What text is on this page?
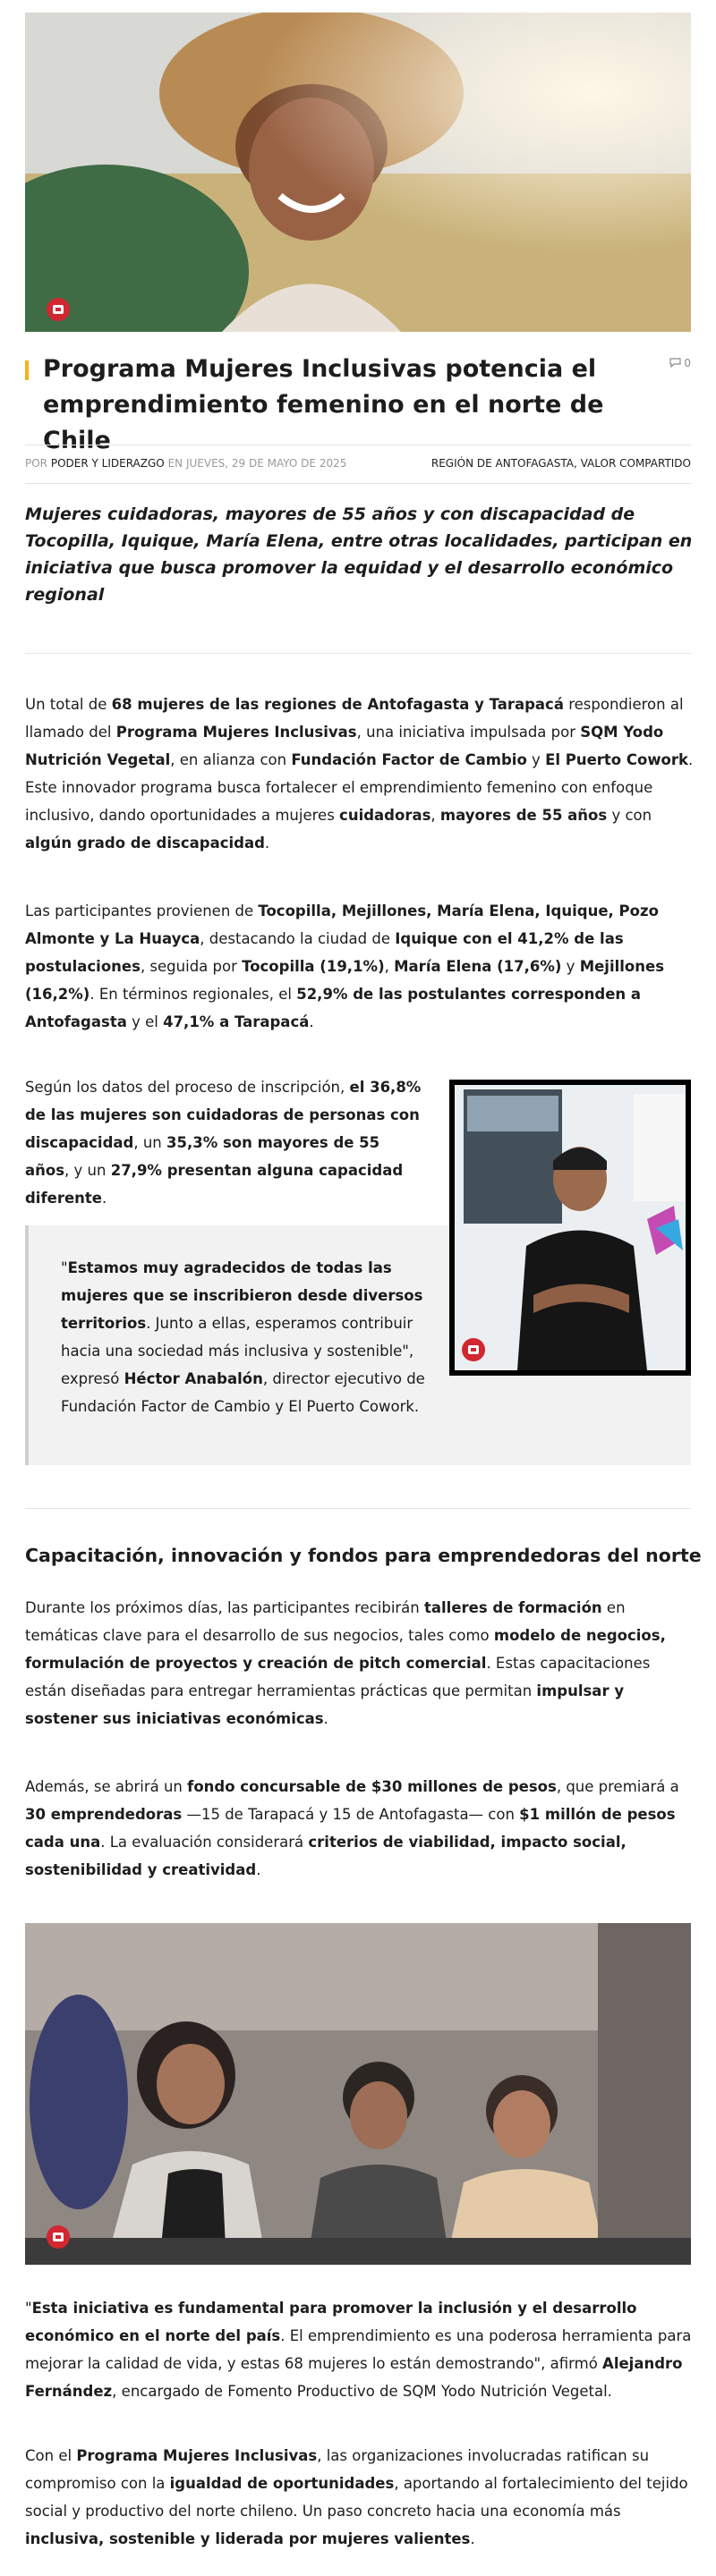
Programa Mujeres Inclusivas potencia el emprendimiento femenino en el norte de Chile
0
POR PODER Y LIDERAZGO EN JUEVES, 29 DE MAYO DE 2025	REGIÓN DE ANTOFAGASTA, VALOR COMPARTIDO
Mujeres cuidadoras, mayores de 55 años y con discapacidad de Tocopilla, Iquique, María Elena, entre otras localidades, participan en iniciativa que busca promover la equidad y el desarrollo económico regional
Un total de 68 mujeres de las regiones de Antofagasta y Tarapacá respondieron al llamado del Programa Mujeres Inclusivas, una iniciativa impulsada por SQM Yodo Nutrición Vegetal, en alianza con Fundación Factor de Cambio y El Puerto Cowork. Este innovador programa busca fortalecer el emprendimiento femenino con enfoque inclusivo, dando oportunidades a mujeres cuidadoras, mayores de 55 años y con algún grado de discapacidad.
Las participantes provienen de Tocopilla, Mejillones, María Elena, Iquique, Pozo Almonte y La Huayca, destacando la ciudad de Iquique con el 41,2% de las postulaciones, seguida por Tocopilla (19,1%), María Elena (17,6%) y Mejillones (16,2%). En términos regionales, el 52,9% de las postulantes corresponden a Antofagasta y el 47,1% a Tarapacá.
Según los datos del proceso de inscripción, el 36,8% de las mujeres son cuidadoras de personas con discapacidad, un 35,3% son mayores de 55 años, y un 27,9% presentan alguna capacidad diferente.
"Estamos muy agradecidos de todas las mujeres que se inscribieron desde diversos territorios. Junto a ellas, esperamos contribuir hacia una sociedad más inclusiva y sostenible", expresó Héctor Anabalón, director ejecutivo de Fundación Factor de Cambio y El Puerto Cowork.
Capacitación, innovación y fondos para emprendedoras del norte
Durante los próximos días, las participantes recibirán talleres de formación en temáticas clave para el desarrollo de sus negocios, tales como modelo de negocios, formulación de proyectos y creación de pitch comercial. Estas capacitaciones están diseñadas para entregar herramientas prácticas que permitan impulsar y sostener sus iniciativas económicas.
Además, se abrirá un fondo concursable de $30 millones de pesos, que premiará a 30 emprendedoras —15 de Tarapacá y 15 de Antofagasta— con $1 millón de pesos cada una. La evaluación considerará criterios de viabilidad, impacto social, sostenibilidad y creatividad.
"Esta iniciativa es fundamental para promover la inclusión y el desarrollo económico en el norte del país. El emprendimiento es una poderosa herramienta para mejorar la calidad de vida, y estas 68 mujeres lo están demostrando", afirmó Alejandro Fernández, encargado de Fomento Productivo de SQM Yodo Nutrición Vegetal.
Con el Programa Mujeres Inclusivas, las organizaciones involucradas ratifican su compromiso con la igualdad de oportunidades, aportando al fortalecimiento del tejido social y productivo del norte chileno. Un paso concreto hacia una economía más inclusiva, sostenible y liderada por mujeres valientes.
